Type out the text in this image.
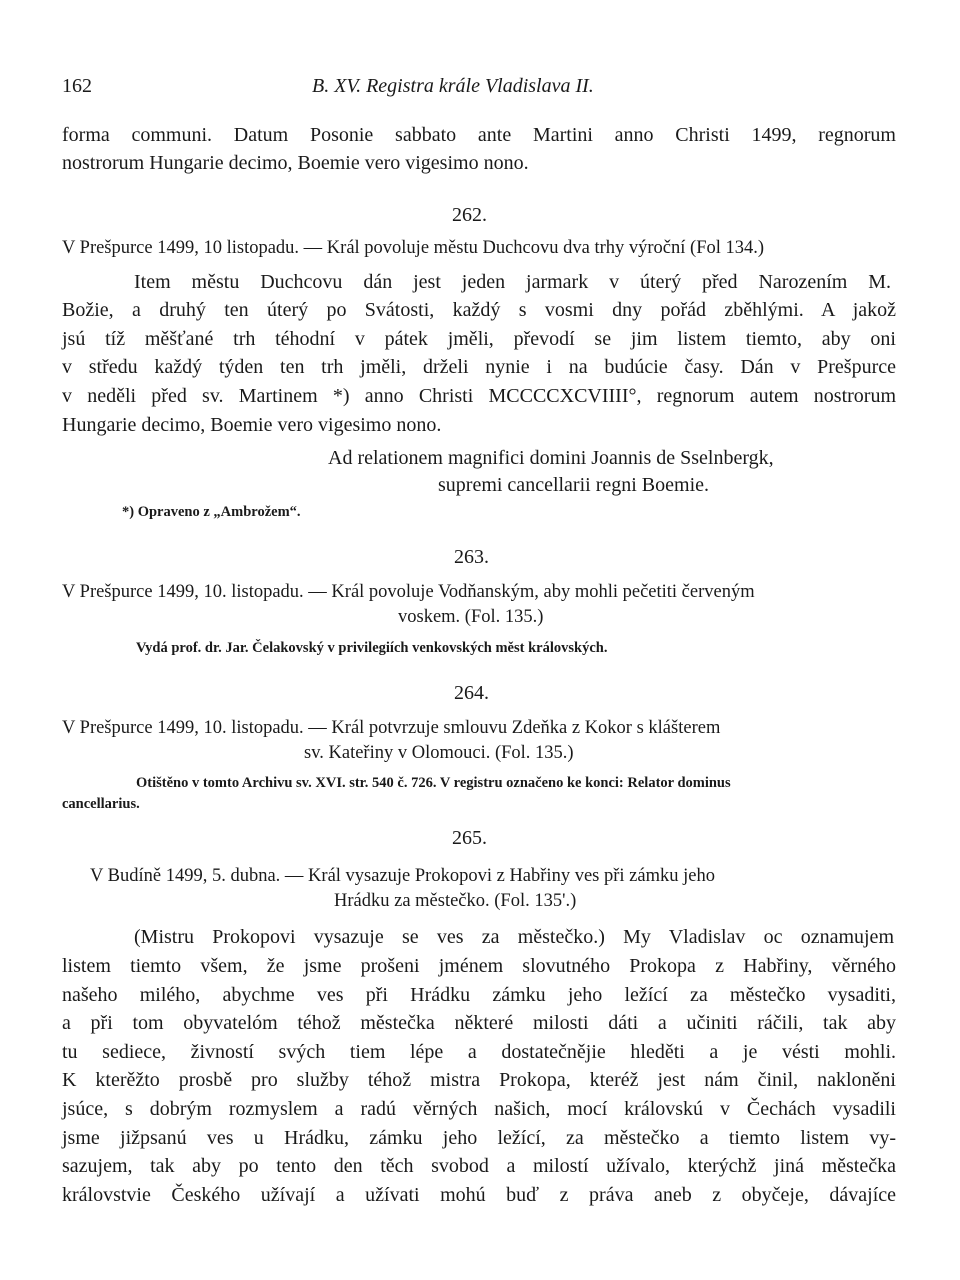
162	B. XV. Registra krále Vladislava II.
forma communi. Datum Posonie sabbato ante Martini anno Christi 1499, regnorum
nostrorum Hungarie decimo, Boemie vero vigesimo nono.
262.
V Prešpurce 1499, 10 listopadu. — Král povoluje městu Duchcovu dva trhy výroční (Fol 134.)
Item městu Duchcovu dán jest jeden jarmark v úterý před Narozením M.
Božie, a druhý ten úterý po Svátosti, každý s vosmi dny pořád zběhlými. A jakož
jsú tíž měšťané trh téhodní v pátek jměli, převodí se jim listem tiemto, aby oni
v středu každý týden ten trh jměli, drželi nynie i na budúcie časy. Dán v Prešpurce
v neděli před sv. Martinem *) anno Christi MCCCCXCVIIII°, regnorum autem nostrorum
Hungarie decimo, Boemie vero vigesimo nono.
Ad relationem magnifici domini Joannis de Sselnbergk,
supremi cancellarii regni Boemie.
*) Opraveno z „Ambrožem“.
263.
V Prešpurce 1499, 10. listopadu. — Král povoluje Vodňanským, aby mohli pečetiti červeným
voskem. (Fol. 135.)
Vydá prof. dr. Jar. Čelakovský v privilegiích venkovských měst královských.
264.
V Prešpurce 1499, 10. listopadu. — Král potvrzuje smlouvu Zdeňka z Kokor s klášterem
sv. Kateřiny v Olomouci. (Fol. 135.)
Otištěno v tomto Archivu sv. XVI. str. 540 č. 726. V registru označeno ke konci: Relator dominus
cancellarius.
265.
V Budíně 1499, 5. dubna. — Král vysazuje Prokopovi z Habřiny ves při zámku jeho
Hrádku za městečko. (Fol. 135'.)
(Mistru Prokopovi vysazuje se ves za městečko.) My Vladislav oc oznamujem
listem tiemto všem, že jsme prošeni jménem slovutného Prokopa z Habřiny, věrného
našeho milého, abychme ves při Hrádku zámku jeho ležící za městečko vysaditi,
a při tom obyvatelóm téhož městečka některé milosti dáti a učiniti ráčili, tak aby
tu sediece, živností svých tiem lépe a dostatečnějie hleděti a je vésti mohli.
K kterěžto prosbě pro služby téhož mistra Prokopa, kteréž jest nám činil, nakloněni
jsúce, s dobrým rozmyslem a radú věrných našich, mocí královskú v Čechách vysadili
jsme jižpsanú ves u Hrádku, zámku jeho ležící, za městečko a tiemto listem vy-
sazujem, tak aby po tento den těch svobod a milostí užívalo, kterýchž jiná městečka
královstvie Českého užívají a užívati mohú buď z práva aneb z obyčeje, dávajíce
